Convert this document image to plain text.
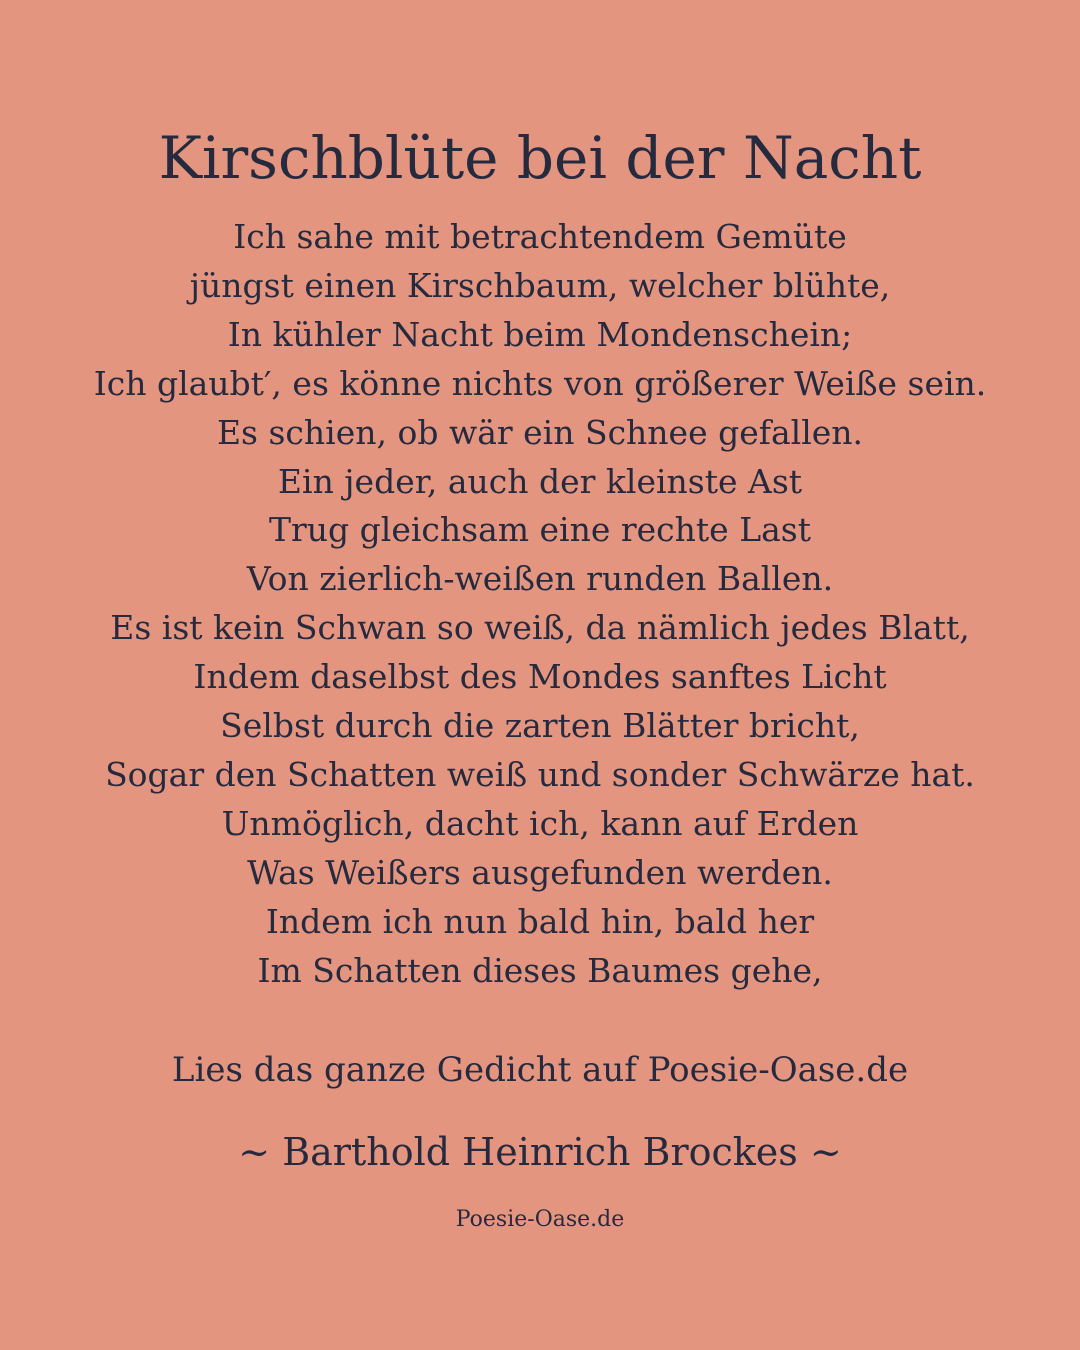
Kirschblüte bei der Nacht
Ich sahe mit betrachtendem Gemüte
jüngst einen Kirschbaum, welcher blühte,
In kühler Nacht beim Mondenschein;
Ich glaubt′, es könne nichts von größerer Weiße sein.
Es schien, ob wär ein Schnee gefallen.
Ein jeder, auch der kleinste Ast
Trug gleichsam eine rechte Last
Von zierlich-weißen runden Ballen.
Es ist kein Schwan so weiß, da nämlich jedes Blatt,
Indem daselbst des Mondes sanftes Licht
Selbst durch die zarten Blätter bricht,
Sogar den Schatten weiß und sonder Schwärze hat.
Unmöglich, dacht ich, kann auf Erden
Was Weißers ausgefunden werden.
Indem ich nun bald hin, bald her
Im Schatten dieses Baumes gehe,
Lies das ganze Gedicht auf Poesie-Oase.de
~ Barthold Heinrich Brockes ~
Poesie-Oase.de
